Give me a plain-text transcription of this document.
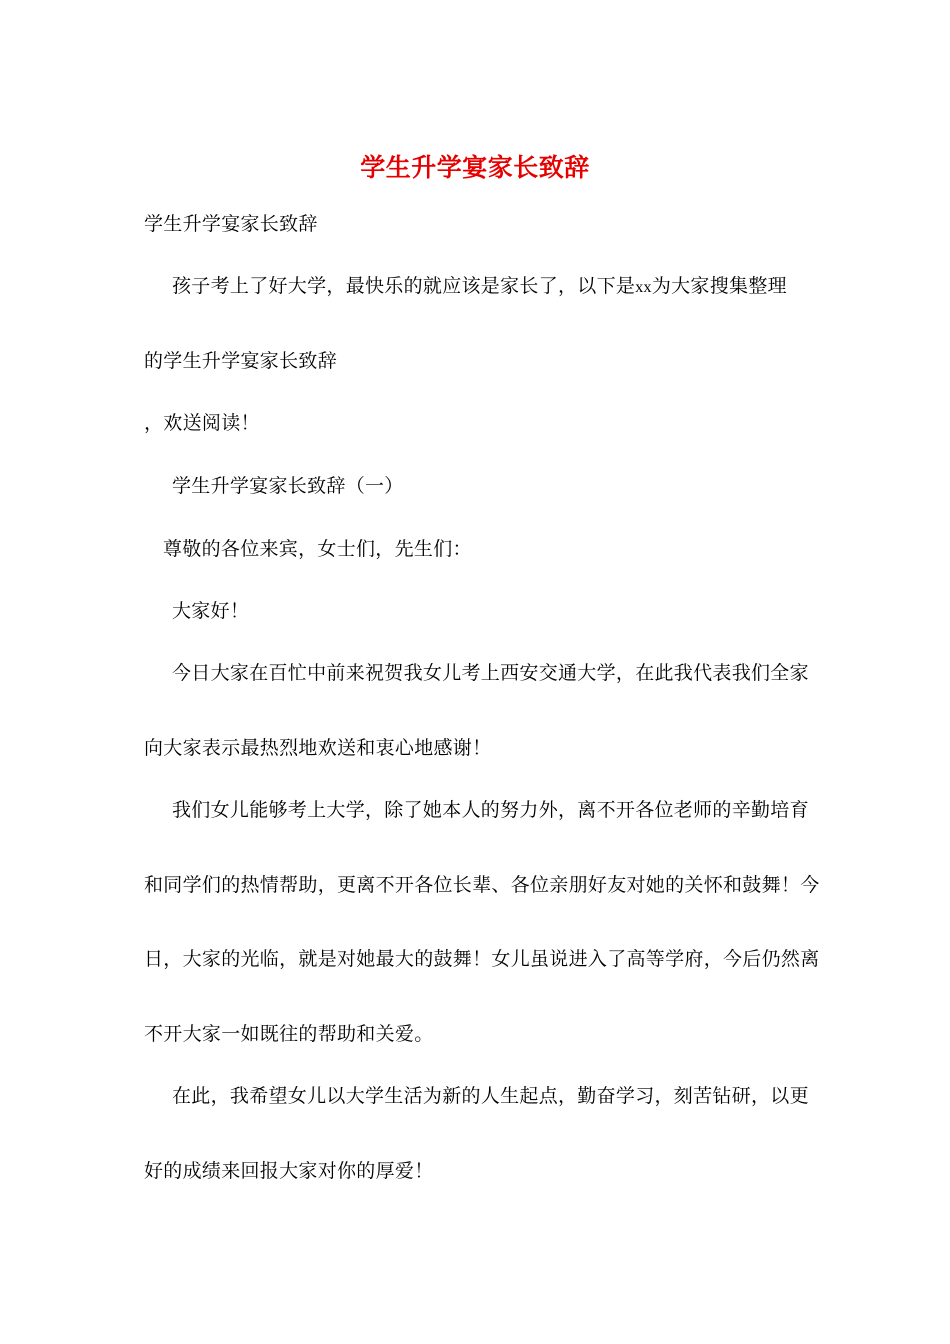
学生升学宴家长致辞
学生升学宴家长致辞
孩子考上了好大学，最快乐的就应该是家长了，以下是xx为大家搜集整理
的学生升学宴家长致辞
，欢送阅读！
学生升学宴家长致辞（一）
尊敬的各位来宾，女士们，先生们：
大家好！
今日大家在百忙中前来祝贺我女儿考上西安交通大学，在此我代表我们全家
向大家表示最热烈地欢送和衷心地感谢！
我们女儿能够考上大学，除了她本人的努力外，离不开各位老师的辛勤培育
和同学们的热情帮助，更离不开各位长辈、各位亲朋好友对她的关怀和鼓舞！今
日，大家的光临，就是对她最大的鼓舞！女儿虽说进入了高等学府，今后仍然离
不开大家一如既往的帮助和关爱。
在此，我希望女儿以大学生活为新的人生起点，勤奋学习，刻苦钻研，以更
好的成绩来回报大家对你的厚爱！
